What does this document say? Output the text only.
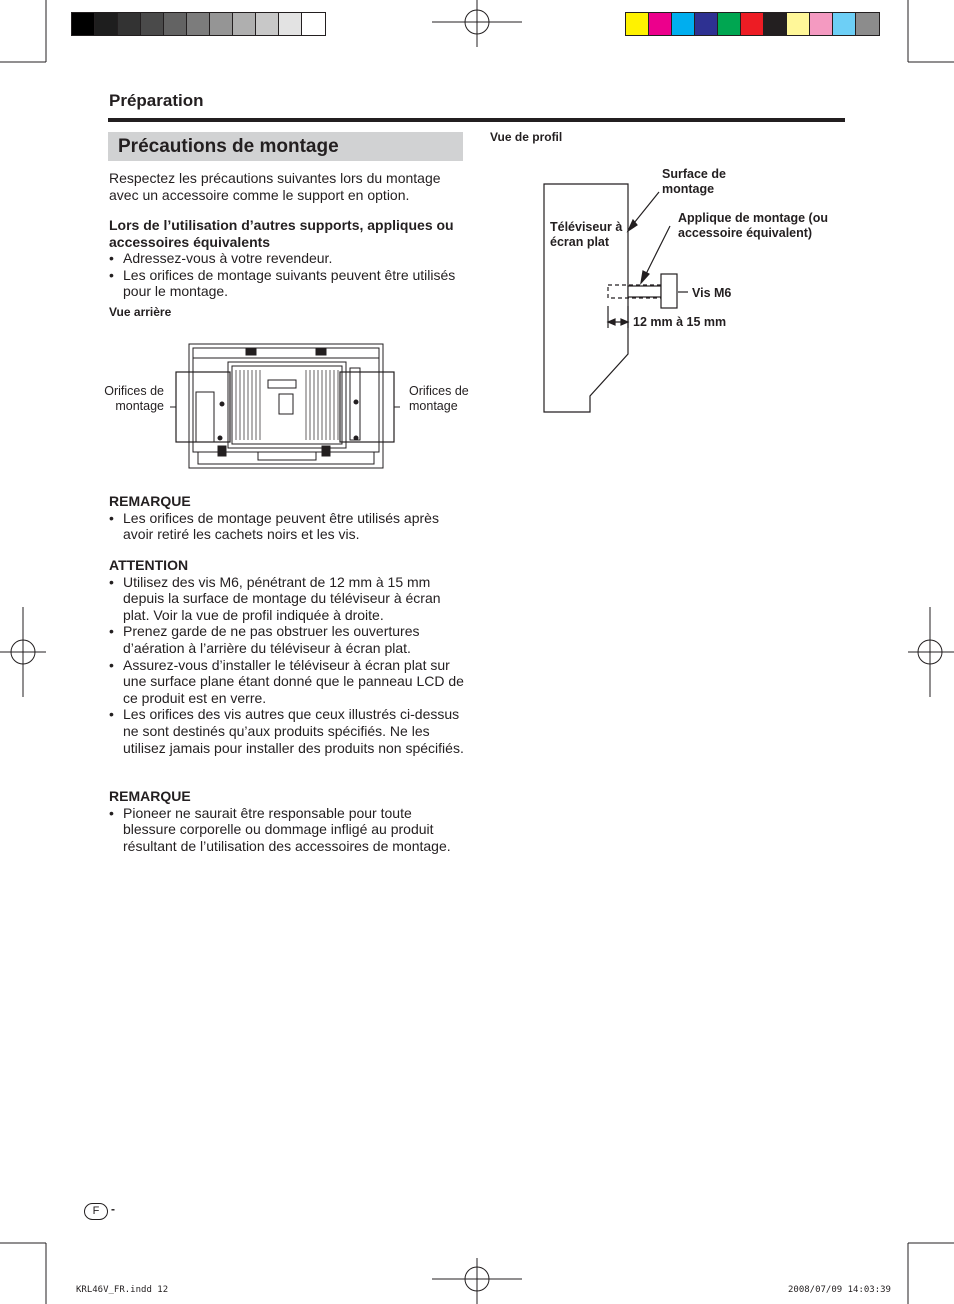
Préparation
Précautions de montage

Respectez les précautions suivantes lors du montage avec un accessoire comme le support en option.

Lors de l’utilisation d’autres supports, appliques ou accessoires équivalents
• Adressez-vous à votre revendeur.
• Les orifices de montage suivants peuvent être utilisés pour le montage.
Vue arrière
Orifices de montage
Orifices de montage
REMARQUE
• Les orifices de montage peuvent être utilisés après avoir retiré les cachets noirs et les vis.
ATTENTION
• Utilisez des vis M6, pénétrant de 12 mm à 15 mm depuis la surface de montage du téléviseur à écran plat. Voir la vue de profil indiquée à droite.
• Prenez garde de ne pas obstruer les ouvertures d’aération à l’arrière du téléviseur à écran plat.
• Assurez-vous d’installer le téléviseur à écran plat sur une surface plane étant donné que le panneau LCD de ce produit est en verre.
• Les orifices des vis autres que ceux illustrés ci-dessus ne sont destinés qu’aux produits spécifiés. Ne les utilisez jamais pour installer des produits non spécifiés.
REMARQUE
• Pioneer ne saurait être responsable pour toute blessure corporelle ou dommage infligé au produit résultant de l’utilisation des accessoires de montage.
Vue de profil
Téléviseur à écran plat
Surface de montage
Applique de montage (ou accessoire équivalent)
Vis M6
12 mm à 15 mm
F -
KRL46V_FR.indd 12	2008/07/09 14:03:39
